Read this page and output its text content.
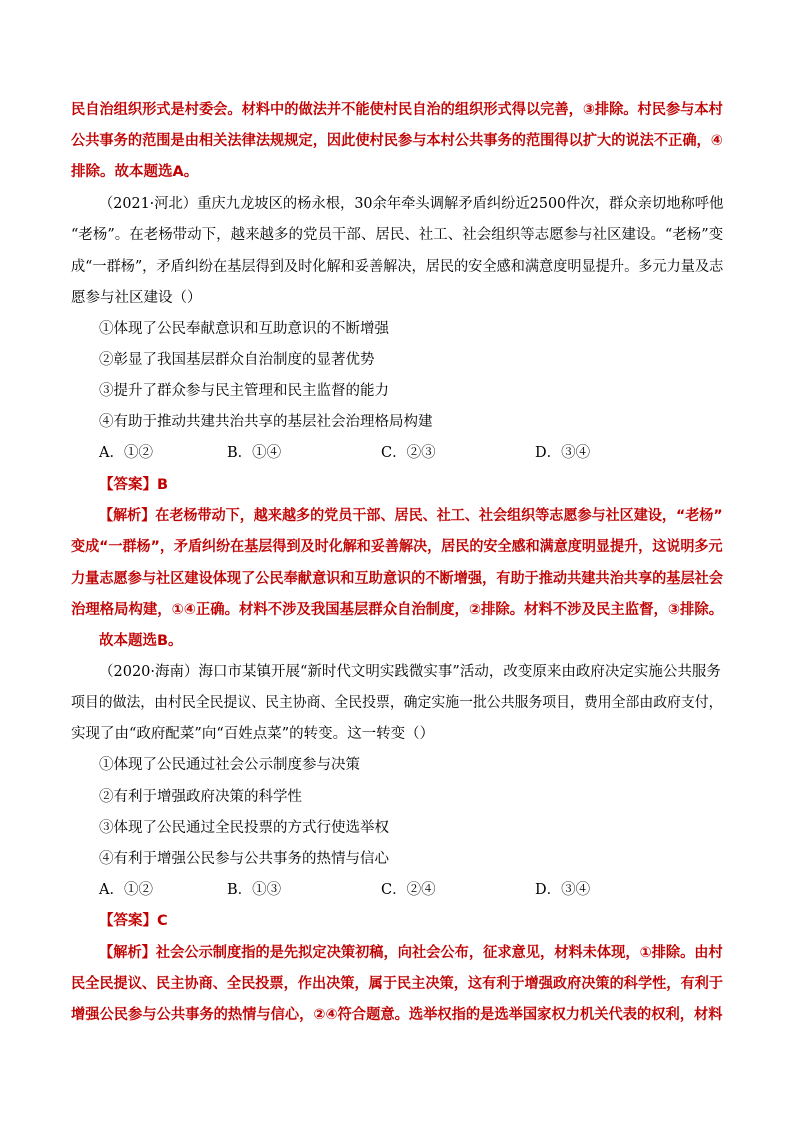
民自治组织形式是村委会。材料中的做法并不能使村民自治的组织形式得以完善，③排除。村民参与本村
公共事务的范围是由相关法律法规规定，因此使村民参与本村公共事务的范围得以扩大的说法不正确，④
排除。故本题选A。
（2021·河北）重庆九龙坡区的杨永根，30余年牵头调解矛盾纠纷近2500件次，群众亲切地称呼他
“老杨”。在老杨带动下，越来越多的党员干部、居民、社工、社会组织等志愿参与社区建设。“老杨”变
成“一群杨”，矛盾纠纷在基层得到及时化解和妥善解决，居民的安全感和满意度明显提升。多元力量及志
愿参与社区建设（）
①体现了公民奉献意识和互助意识的不断增强
②彰显了我国基层群众自治制度的显著优势
③提升了群众参与民主管理和民主监督的能力
④有助于推动共建共治共享的基层社会治理格局构建
A．①②	B．①④	C．②③	D．③④
【答案】B
【解析】在老杨带动下，越来越多的党员干部、居民、社工、社会组织等志愿参与社区建设，“老杨”
变成“一群杨”，矛盾纠纷在基层得到及时化解和妥善解决，居民的安全感和满意度明显提升，这说明多元
力量志愿参与社区建设体现了公民奉献意识和互助意识的不断增强，有助于推动共建共治共享的基层社会
治理格局构建，①④正确。材料不涉及我国基层群众自治制度，②排除。材料不涉及民主监督，③排除。
故本题选B。
（2020·海南）海口市某镇开展“新时代文明实践微实事”活动，改变原来由政府决定实施公共服务
项目的做法，由村民全民提议、民主协商、全民投票，确定实施一批公共服务项目，费用全部由政府支付，
实现了由“政府配菜”向“百姓点菜”的转变。这一转变（）
①体现了公民通过社会公示制度参与决策
②有利于增强政府决策的科学性
③体现了公民通过全民投票的方式行使选举权
④有利于增强公民参与公共事务的热情与信心
A．①②	B．①③	C．②④	D．③④
【答案】C
【解析】社会公示制度指的是先拟定决策初稿，向社会公布，征求意见，材料未体现，①排除。由村
民全民提议、民主协商、全民投票，作出决策，属于民主决策，这有利于增强政府决策的科学性，有利于
增强公民参与公共事务的热情与信心，②④符合题意。选举权指的是选举国家权力机关代表的权利，材料
